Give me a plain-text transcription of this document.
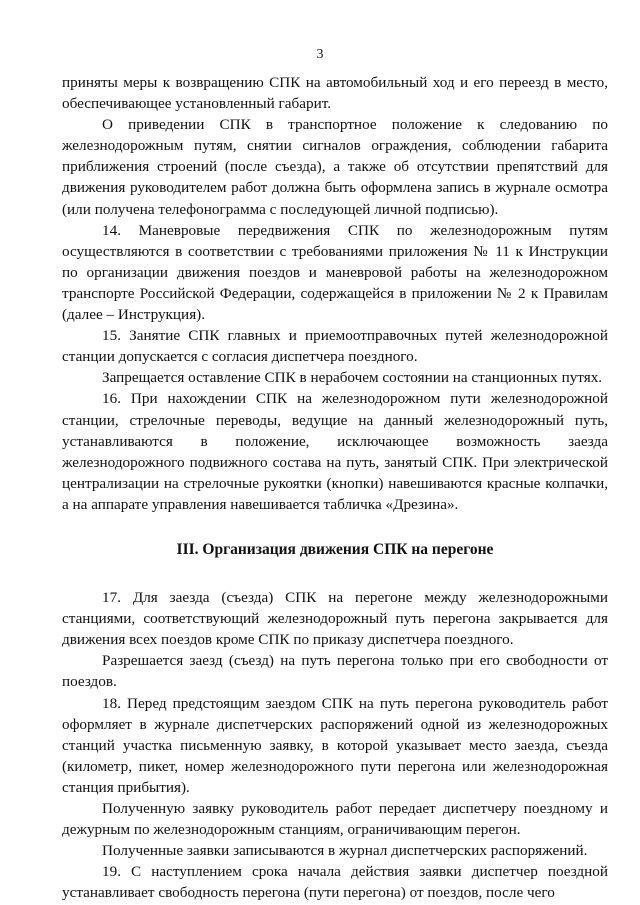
3

приняты меры к возвращению СПК на автомобильный ход и его переезд в место, обеспечивающее установленный габарит.

О приведении СПК в транспортное положение к следованию по железнодорожным путям, снятии сигналов ограждения, соблюдении габарита приближения строений (после съезда), а также об отсутствии препятствий для движения руководителем работ должна быть оформлена запись в журнале осмотра (или получена телефонограмма с последующей личной подписью).

14. Маневровые передвижения СПК по железнодорожным путям осуществляются в соответствии с требованиями приложения № 11 к Инструкции по организации движения поездов и маневровой работы на железнодорожном транспорте Российской Федерации, содержащейся в приложении № 2 к Правилам (далее – Инструкция).

15. Занятие СПК главных и приемоотправочных путей железнодорожной станции допускается с согласия диспетчера поездного.

Запрещается оставление СПК в нерабочем состоянии на станционных путях.

16. При нахождении СПК на железнодорожном пути железнодорожной станции, стрелочные переводы, ведущие на данный железнодорожный путь, устанавливаются в положение, исключающее возможность заезда железнодорожного подвижного состава на путь, занятый СПК. При электрической централизации на стрелочные рукоятки (кнопки) навешиваются красные колпачки, а на аппарате управления навешивается табличка «Дрезина».

III. Организация движения СПК на перегоне

17. Для заезда (съезда) СПК на перегоне между железнодорожными станциями, соответствующий железнодорожный путь перегона закрывается для движения всех поездов кроме СПК по приказу диспетчера поездного.

Разрешается заезд (съезд) на путь перегона только при его свободности от поездов.

18. Перед предстоящим заездом СПК на путь перегона руководитель работ оформляет в журнале диспетчерских распоряжений одной из железнодорожных станций участка письменную заявку, в которой указывает место заезда, съезда (километр, пикет, номер железнодорожного пути перегона или железнодорожная станция прибытия).

Полученную заявку руководитель работ передает диспетчеру поездному и дежурным по железнодорожным станциям, ограничивающим перегон.

Полученные заявки записываются в журнал диспетчерских распоряжений.

19. С наступлением срока начала действия заявки диспетчер поездной устанавливает свободность перегона (пути перегона) от поездов, после чего
